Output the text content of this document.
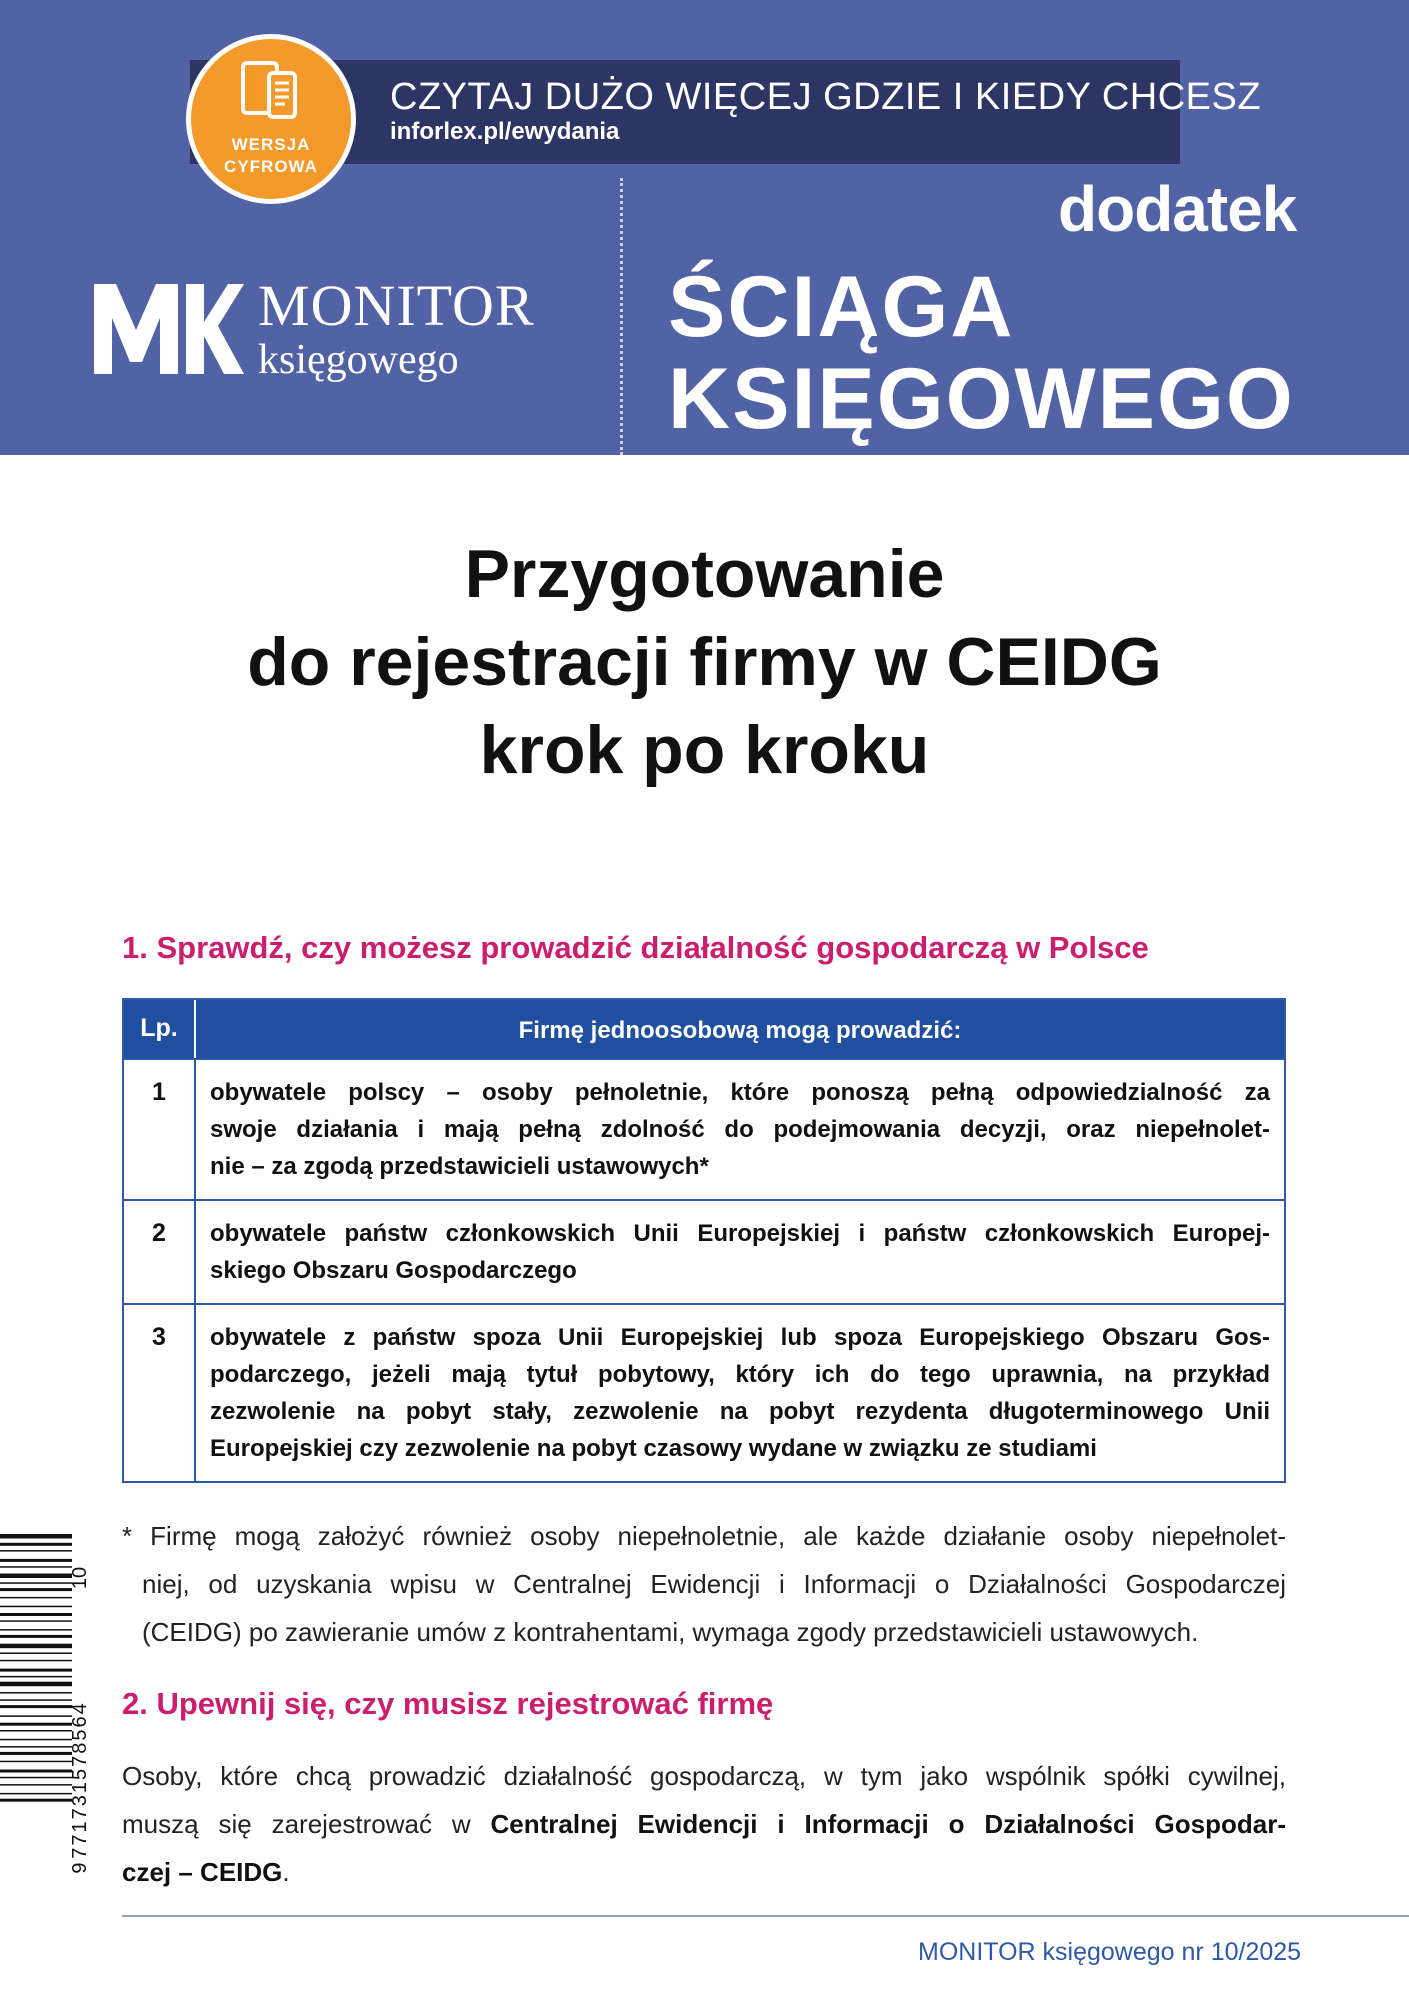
CZYTAJ DUŻO WIĘCEJ GDZIE I KIEDY CHCESZ
inforlex.pl/ewydania
WERSJA
CYFROWA
dodatek
MONITOR
księgowego
ŚCIĄGA
KSIĘGOWEGO
Przygotowanie
do rejestracji firmy w CEIDG
krok po kroku
1. Sprawdź, czy możesz prowadzić działalność gospodarczą w Polsce
Lp.	Firmę jednoosobową mogą prowadzić:
1	obywatele polscy – osoby pełnoletnie, które ponoszą pełną odpowiedzialność za
swoje działania i mają pełną zdolność do podejmowania decyzji, oraz niepełnolet-
nie – za zgodą przedstawicieli ustawowych*
2	obywatele państw członkowskich Unii Europejskiej i państw członkowskich Europej-
skiego Obszaru Gospodarczego
3	obywatele z państw spoza Unii Europejskiej lub spoza Europejskiego Obszaru Gos-
podarczego, jeżeli mają tytuł pobytowy, który ich do tego uprawnia, na przykład
zezwolenie na pobyt stały, zezwolenie na pobyt rezydenta długoterminowego Unii
Europejskiej czy zezwolenie na pobyt czasowy wydane w związku ze studiami
* Firmę mogą założyć również osoby niepełnoletnie, ale każde działanie osoby niepełnolet-
niej, od uzyskania wpisu w Centralnej Ewidencji i Informacji o Działalności Gospodarczej
(CEIDG) po zawieranie umów z kontrahentami, wymaga zgody przedstawicieli ustawowych.
2. Upewnij się, czy musisz rejestrować firmę
Osoby, które chcą prowadzić działalność gospodarczą, w tym jako wspólnik spółki cywilnej,
muszą się zarejestrować w Centralnej Ewidencji i Informacji o Działalności Gospodar-
czej – CEIDG.
10
771731578564
9
MONITOR księgowego nr 10/2025
